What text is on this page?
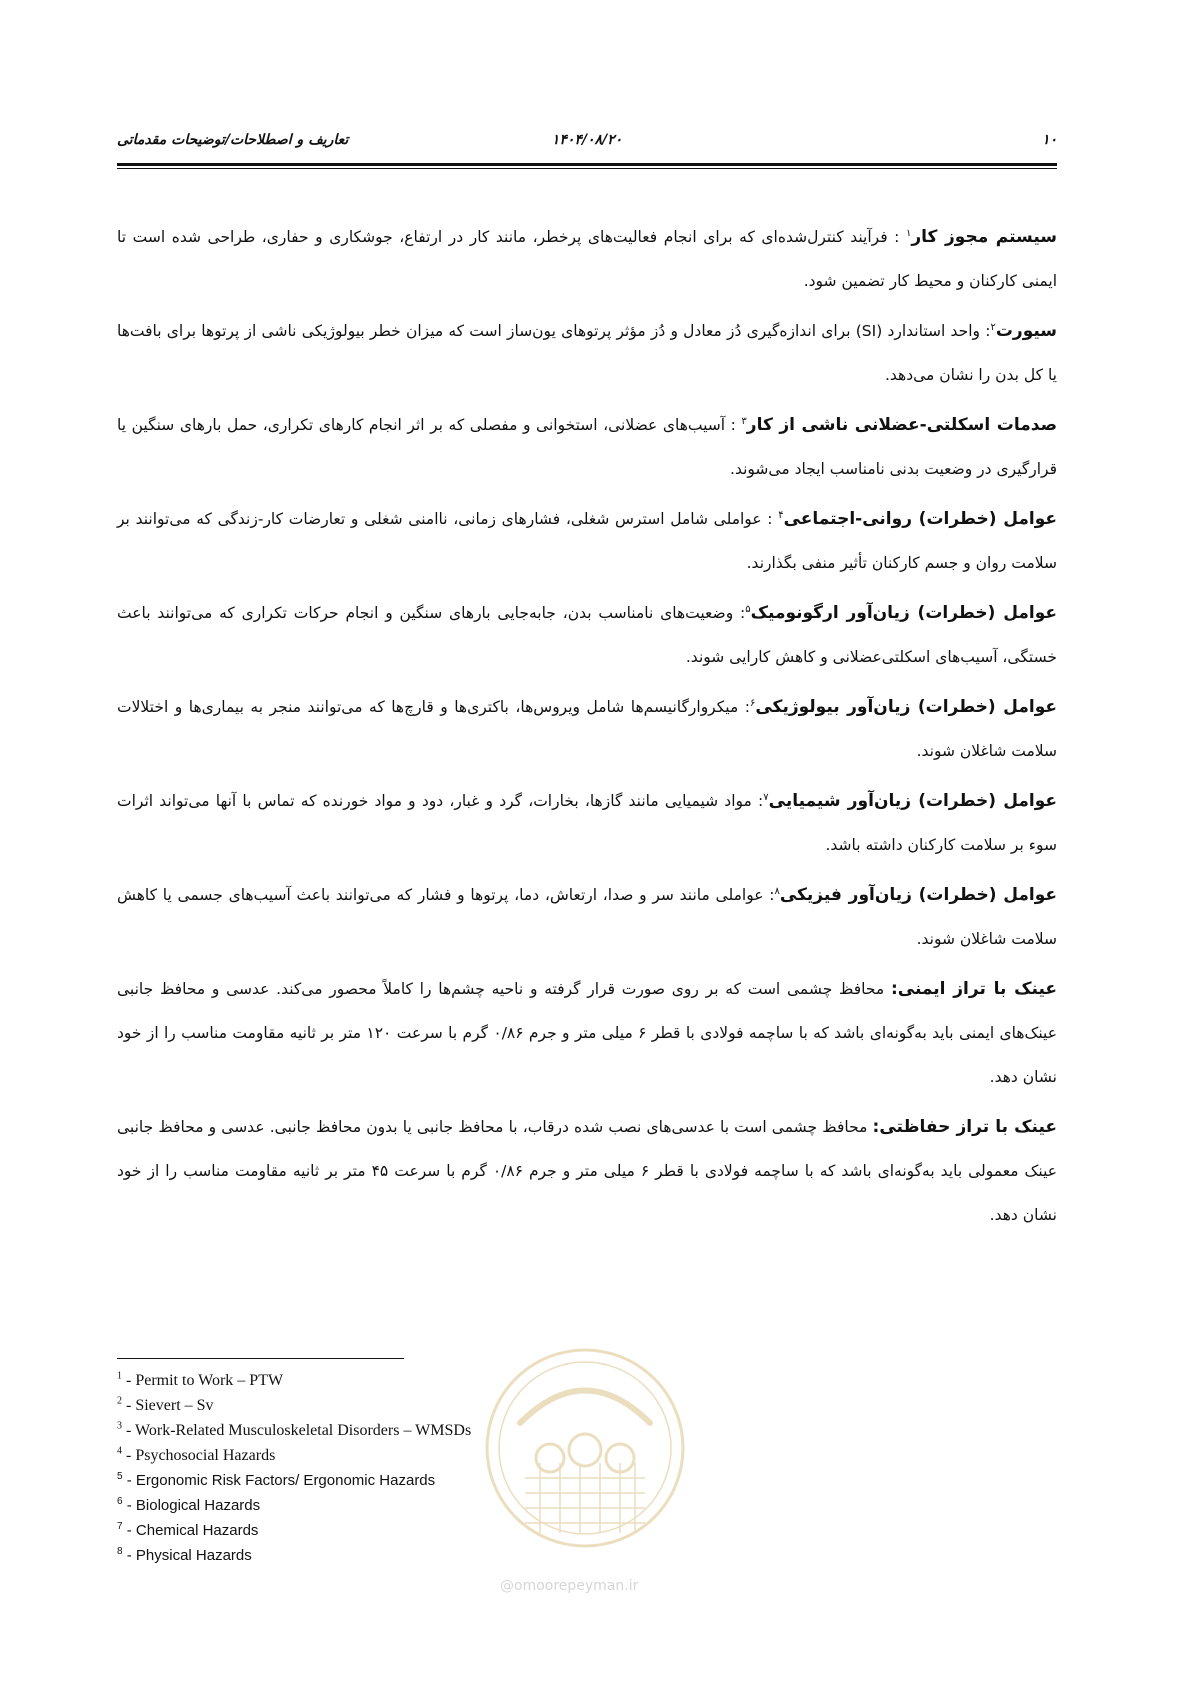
۱۰
۱۴۰۴/۰۸/۲۰
تعاریف و اصطلاحات/توضیحات مقدماتی

سیستم مجوز کار$^۱$ : فرآیند کنترل‌شده‌ای که برای انجام فعالیت‌های پرخطر، مانند کار در ارتفاع، جوشکاری و حفاری، طراحی شده است تا ایمنی کارکنان و محیط کار تضمین شود.

سیورت$^۲$: واحد استاندارد (SI) برای اندازه‌گیری دُز معادل و دُز مؤثر پرتوهای یون‌ساز است که میزان خطر بیولوژیکی ناشی از پرتوها برای بافت‌ها یا کل بدن را نشان می‌دهد.

صدمات اسکلتی-عضلانی ناشی از کار$^۳$ : آسیب‌های عضلانی، استخوانی و مفصلی که بر اثر انجام کارهای تکراری، حمل بارهای سنگین یا قرارگیری در وضعیت بدنی نامناسب ایجاد می‌شوند.

عوامل (خطرات) روانی-اجتماعی$^۴$ : عواملی شامل استرس شغلی، فشارهای زمانی، ناامنی شغلی و تعارضات کار-زندگی که می‌توانند بر سلامت روان و جسم کارکنان تأثیر منفی بگذارند.

عوامل (خطرات) زیان‌آور ارگونومیک$^۵$: وضعیت‌های نامناسب بدن، جابه‌جایی بارهای سنگین و انجام حرکات تکراری که می‌توانند باعث خستگی، آسیب‌های اسکلتی‌عضلانی و کاهش کارایی شوند.

عوامل (خطرات) زیان‌آور بیولوژیکی$^۶$: میکروارگانیسم‌ها شامل ویروس‌ها، باکتری‌ها و قارچ‌ها که می‌توانند منجر به بیماری‌ها و اختلالات سلامت شاغلان شوند.

عوامل (خطرات) زیان‌آور شیمیایی$^۷$: مواد شیمیایی مانند گازها، بخارات، گرد و غبار، دود و مواد خورنده که تماس با آنها می‌تواند اثرات سوء بر سلامت کارکنان داشته باشد.

عوامل (خطرات) زیان‌آور فیزیکی$^۸$: عواملی مانند سر و صدا، ارتعاش، دما، پرتوها و فشار که می‌توانند باعث آسیب‌های جسمی یا کاهش سلامت شاغلان شوند.

عینک با تراز ایمنی: محافظ چشمی است که بر روی صورت قرار گرفته و ناحیه چشم‌ها را کاملاً محصور می‌کند. عدسی و محافظ جانبی عینک‌های ایمنی باید به‌گونه‌ای باشد که با ساچمه فولادی با قطر ۶ میلی متر و جرم ۰/۸۶ گرم با سرعت ۱۲۰ متر بر ثانیه مقاومت مناسب را از خود نشان دهد.

عینک با تراز حفاظتی: محافظ چشمی است با عدسی‌های نصب شده درقاب، با محافظ جانبی یا بدون محافظ جانبی. عدسی و محافظ جانبی عینک معمولی باید به‌گونه‌ای باشد که با ساچمه فولادی با قطر ۶ میلی متر و جرم ۰/۸۶ گرم با سرعت ۴۵ متر بر ثانیه مقاومت مناسب را از خود نشان دهد.

@omoorepeyman.ir
$^1$ - Permit to Work – PTW
$^2$ - Sievert – Sv
$^3$ - Work-Related Musculoskeletal Disorders – WMSDs
$^4$ - Psychosocial Hazards
$^5$ - Ergonomic Risk Factors/ Ergonomic Hazards
$^6$ - Biological Hazards
$^7$ - Chemical Hazards
$^8$ - Physical Hazards
